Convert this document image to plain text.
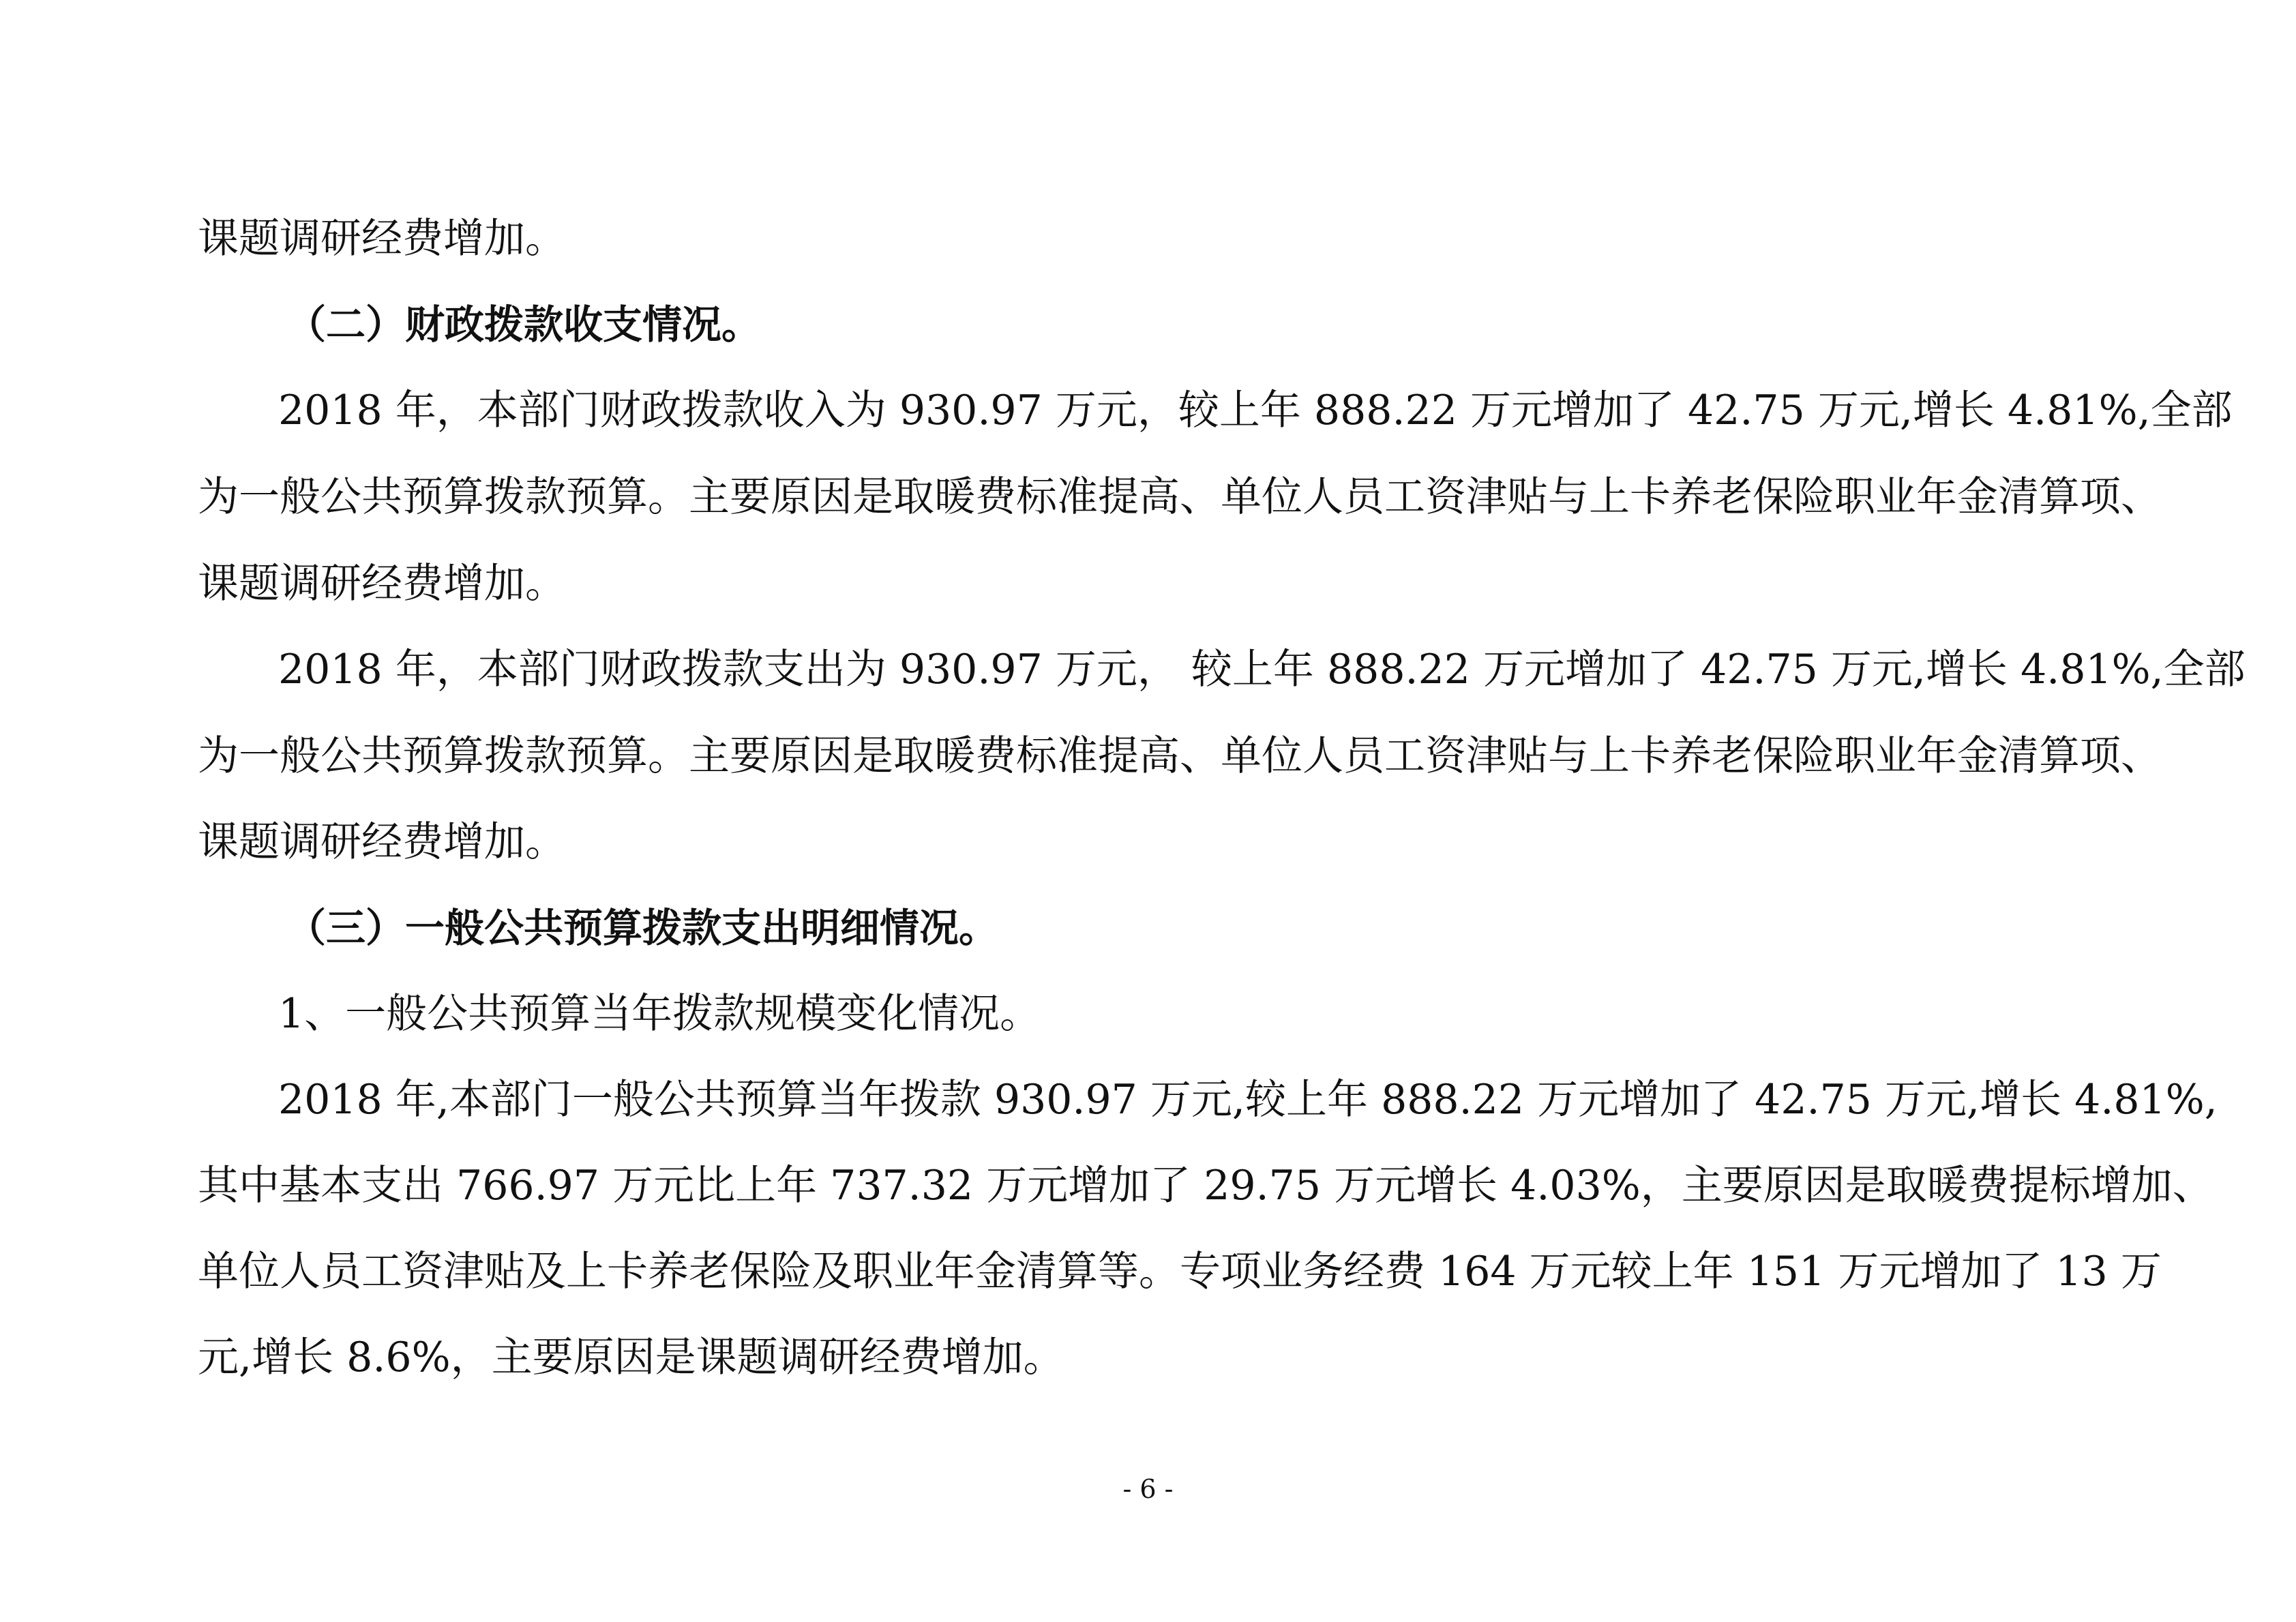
课题调研经费增加。
（二）财政拨款收支情况。
2018 年，本部门财政拨款收入为 930.97 万元，较上年 888.22 万元增加了 42.75 万元,增长 4.81%,全部
为一般公共预算拨款预算。主要原因是取暖费标准提高、单位人员工资津贴与上卡养老保险职业年金清算项、
课题调研经费增加。
2018 年，本部门财政拨款支出为 930.97 万元， 较上年 888.22 万元增加了 42.75 万元,增长 4.81%,全部
为一般公共预算拨款预算。主要原因是取暖费标准提高、单位人员工资津贴与上卡养老保险职业年金清算项、
课题调研经费增加。
（三）一般公共预算拨款支出明细情况。
1、一般公共预算当年拨款规模变化情况。
2018 年,本部门一般公共预算当年拨款 930.97 万元,较上年 888.22 万元增加了 42.75 万元,增长 4.81%,
其中基本支出 766.97 万元比上年 737.32 万元增加了 29.75 万元增长 4.03%，主要原因是取暖费提标增加、
单位人员工资津贴及上卡养老保险及职业年金清算等。专项业务经费 164 万元较上年 151 万元增加了 13 万
元,增长 8.6%，主要原因是课题调研经费增加。
- 6 -
